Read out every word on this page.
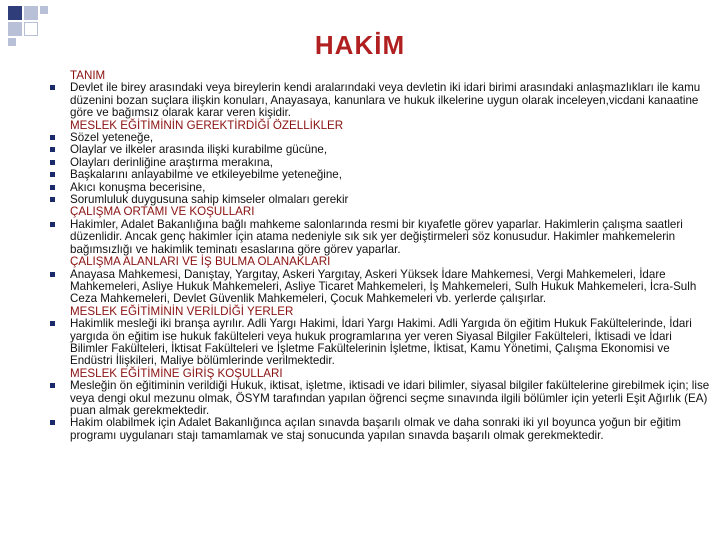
HAKİM
TANIM
Devlet ile birey arasındaki veya bireylerin kendi aralarındaki veya devletin iki idari birimi arasındaki anlaşmazlıkları ile kamu düzenini bozan suçlara ilişkin konuları, Anayasaya, kanunlara ve hukuk ilkelerine uygun olarak inceleyen,vicdani kanaatine göre ve bağımsız olarak karar veren kişidir.
MESLEK EĞİTİMİNİN GEREKTİRDİĞİ ÖZELLİKLER
Sözel yeteneğe,
Olaylar ve ilkeler arasında ilişki kurabilme gücüne,
Olayları derinliğine araştırma merakına,
Başkalarını anlayabilme ve etkileyebilme yeteneğine,
Akıcı konuşma becerisine,
Sorumluluk duygusuna sahip kimseler olmaları gerekir
ÇALIŞMA ORTAMI VE KOŞULLARI
Hakimler, Adalet Bakanlığına bağlı mahkeme salonlarında resmi bir kıyafetle görev yaparlar. Hakimlerin çalışma saatleri düzenlidir. Ancak genç hakimler için atama nedeniyle sık sık yer değiştirmeleri söz konusudur. Hakimler mahkemelerin bağımsızlığı ve hakimlik teminatı esaslarına göre görev yaparlar.
ÇALIŞMA ALANLARI VE İŞ BULMA OLANAKLARI
Anayasa Mahkemesi, Danıştay, Yargıtay, Askeri Yargıtay, Askeri Yüksek İdare Mahkemesi, Vergi Mahkemeleri, İdare Mahkemeleri, Asliye Hukuk Mahkemeleri, Asliye Ticaret Mahkemeleri, İş Mahkemeleri, Sulh Hukuk Mahkemeleri, İcra-Sulh Ceza Mahkemeleri, Devlet Güvenlik Mahkemeleri, Çocuk Mahkemeleri vb. yerlerde çalışırlar.
MESLEK EĞİTİMİNİN VERİLDİĞİ YERLER
Hakimlik mesleği iki branşa ayrılır. Adli Yargı Hakimi, İdari Yargı Hakimi. Adli Yargıda ön eğitim Hukuk Fakültelerinde, İdari yargıda ön eğitim ise hukuk fakülteleri veya hukuk programlarına yer veren Siyasal Bilgiler Fakülteleri, İktisadi ve İdari Bilimler Fakülteleri, İktisat Fakülteleri ve İşletme Fakültelerinin İşletme, İktisat, Kamu Yönetimi, Çalışma Ekonomisi ve Endüstri İlişkileri, Maliye bölümlerinde verilmektedir.
MESLEK EĞİTİMİNE GİRİŞ KOŞULLARI
Mesleğin ön eğitiminin verildiği Hukuk, iktisat, işletme, iktisadi ve idari bilimler, siyasal bilgiler fakültelerine girebilmek için; lise veya dengi okul mezunu olmak, ÖSYM tarafından yapılan öğrenci seçme sınavında ilgili bölümler için yeterli Eşit Ağırlık (EA) puan almak gerekmektedir.
Hakim olabilmek için Adalet Bakanlığınca açılan sınavda başarılı olmak ve daha sonraki iki yıl boyunca yoğun bir eğitim programı uygulanarı stajı tamamlamak ve staj sonucunda yapılan sınavda başarılı olmak gerekmektedir.
